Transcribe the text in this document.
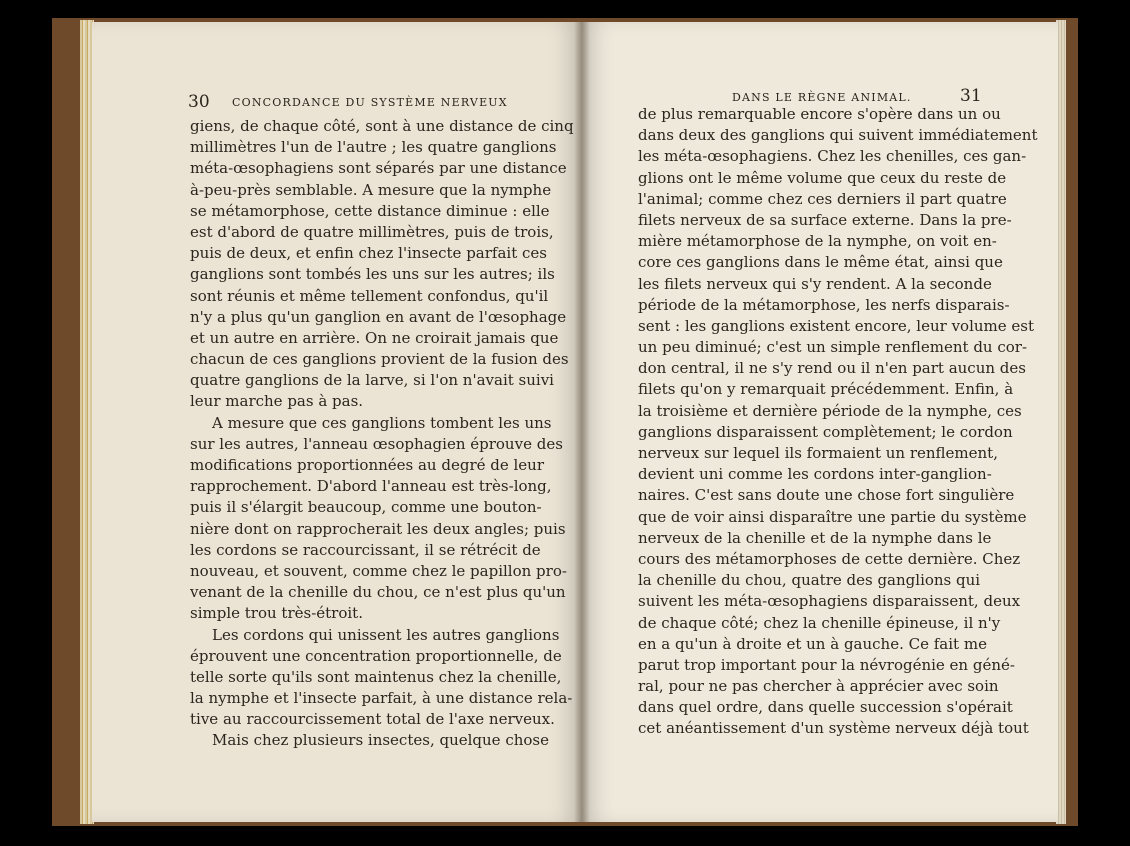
30 CONCORDANCE DU SYSTÈME NERVEUX	DANS LE RÈGNE ANIMAL.	31
giens, de chaque côté, sont à une distance de cinq
millimètres l'un de l'autre ; les quatre ganglions
méta-œsophagiens sont séparés par une distance
à-peu-près semblable. A mesure que la nymphe
se métamorphose, cette distance diminue : elle
est d'abord de quatre millimètres, puis de trois,
puis de deux, et enfin chez l'insecte parfait ces
ganglions sont tombés les uns sur les autres; ils
sont réunis et même tellement confondus, qu'il
n'y a plus qu'un ganglion en avant de l'œsophage
et un autre en arrière. On ne croirait jamais que
chacun de ces ganglions provient de la fusion des
quatre ganglions de la larve, si l'on n'avait suivi
leur marche pas à pas.
A mesure que ces ganglions tombent les uns
sur les autres, l'anneau œsophagien éprouve des
modifications proportionnées au degré de leur
rapprochement. D'abord l'anneau est très-long,
puis il s'élargit beaucoup, comme une bouton-
nière dont on rapprocherait les deux angles; puis
les cordons se raccourcissant, il se rétrécit de
nouveau, et souvent, comme chez le papillon pro-
venant de la chenille du chou, ce n'est plus qu'un
simple trou très-étroit.
Les cordons qui unissent les autres ganglions
éprouvent une concentration proportionnelle, de
telle sorte qu'ils sont maintenus chez la chenille,
la nymphe et l'insecte parfait, à une distance rela-
tive au raccourcissement total de l'axe nerveux.
Mais chez plusieurs insectes, quelque chose
de plus remarquable encore s'opère dans un ou
dans deux des ganglions qui suivent immédiatement
les méta-œsophagiens. Chez les chenilles, ces gan-
glions ont le même volume que ceux du reste de
l'animal; comme chez ces derniers il part quatre
filets nerveux de sa surface externe. Dans la pre-
mière métamorphose de la nymphe, on voit en-
core ces ganglions dans le même état, ainsi que
les filets nerveux qui s'y rendent. A la seconde
période de la métamorphose, les nerfs disparais-
sent : les ganglions existent encore, leur volume est
un peu diminué; c'est un simple renflement du cor-
don central, il ne s'y rend ou il n'en part aucun des
filets qu'on y remarquait précédemment. Enfin, à
la troisième et dernière période de la nymphe, ces
ganglions disparaissent complètement; le cordon
nerveux sur lequel ils formaient un renflement,
devient uni comme les cordons inter-ganglion-
naires. C'est sans doute une chose fort singulière
que de voir ainsi disparaître une partie du système
nerveux de la chenille et de la nymphe dans le
cours des métamorphoses de cette dernière. Chez
la chenille du chou, quatre des ganglions qui
suivent les méta-œsophagiens disparaissent, deux
de chaque côté; chez la chenille épineuse, il n'y
en a qu'un à droite et un à gauche. Ce fait me
parut trop important pour la névrogénie en géné-
ral, pour ne pas chercher à apprécier avec soin
dans quel ordre, dans quelle succession s'opérait
cet anéantissement d'un système nerveux déjà tout
